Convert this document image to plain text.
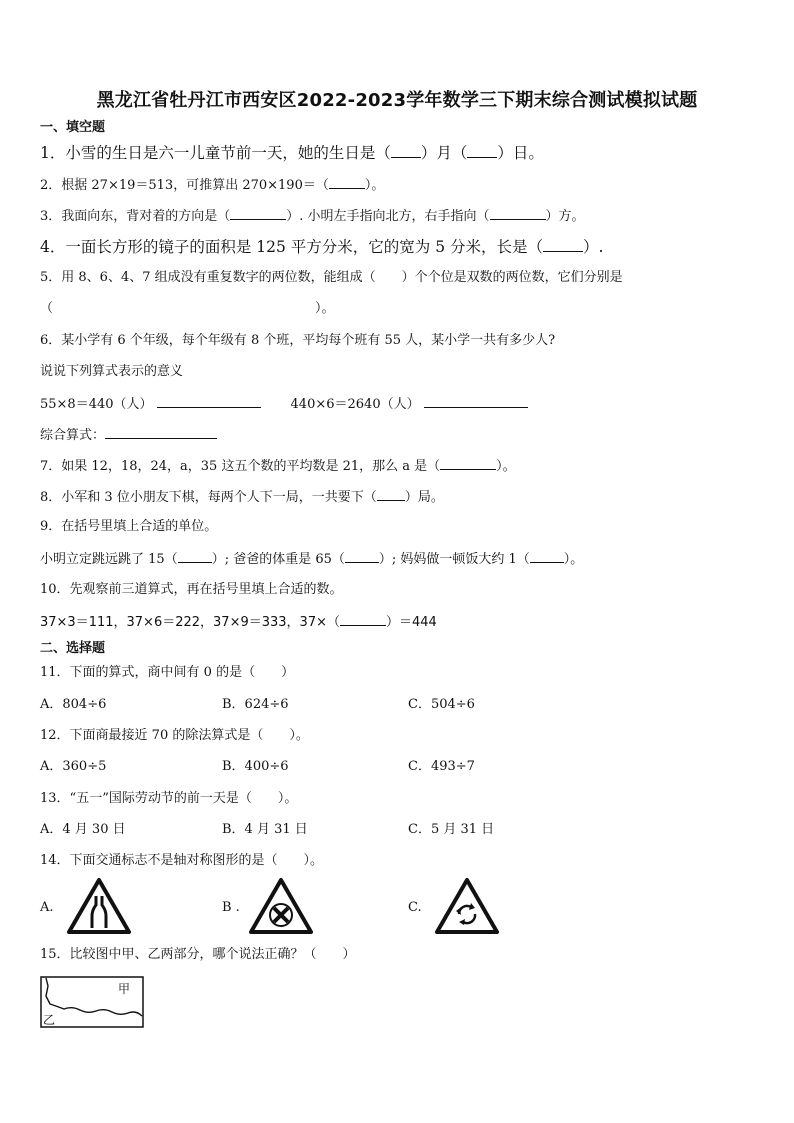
黑龙江省牡丹江市西安区2022-2023学年数学三下期末综合测试模拟试题
一、填空题
1．小雪的生日是六一儿童节前一天，她的生日是（ ）月（ ）日。
2．根据 27×19＝513，可推算出 270×190＝（	）。
3．我面向东，背对着的方向是（	）. 小明左手指向北方，右手指向（	）方。
4．一面长方形的镜子的面积是 125 平方分米，它的宽为 5 分米，长是（	）.
5．用 8、6、4、7 组成没有重复数字的两位数，能组成（　　）个个位是双数的两位数，它们分别是
（	）。
6．某小学有 6 个年级，每个年级有 8 个班，平均每个班有 55 人，某小学一共有多少人?
说说下列算式表示的意义
55×8＝440（人）	440×6＝2640（人）
综合算式：
7．如果 12，18，24，a，35 这五个数的平均数是 21，那么 a 是（	）。
8．小军和 3 位小朋友下棋，每两个人下一局，一共要下（ ）局。
9．在括号里填上合适的单位。
小明立定跳远跳了 15（	）; 爸爸的体重是 65（	）; 妈妈做一顿饭大约 1（	）。
10．先观察前三道算式，再在括号里填上合适的数。
37×3＝111，37×6＝222，37×9＝333，37×（	）＝444
二、选择题
11．下面的算式，商中间有 0 的是（　　）
A．804÷6	B．624÷6	C．504÷6
12．下面商最接近 70 的除法算式是（　　）。
A．360÷5	B．400÷6	C．493÷7
13．“五一”国际劳动节的前一天是（　　）。
A．4 月 30 日	B．4 月 31 日	C．5 月 31 日
14．下面交通标志不是轴对称图形的是（　　）。
A.	B .	C.
15．比较图中甲、乙两部分，哪个说法正确？（　　）
甲
乙
